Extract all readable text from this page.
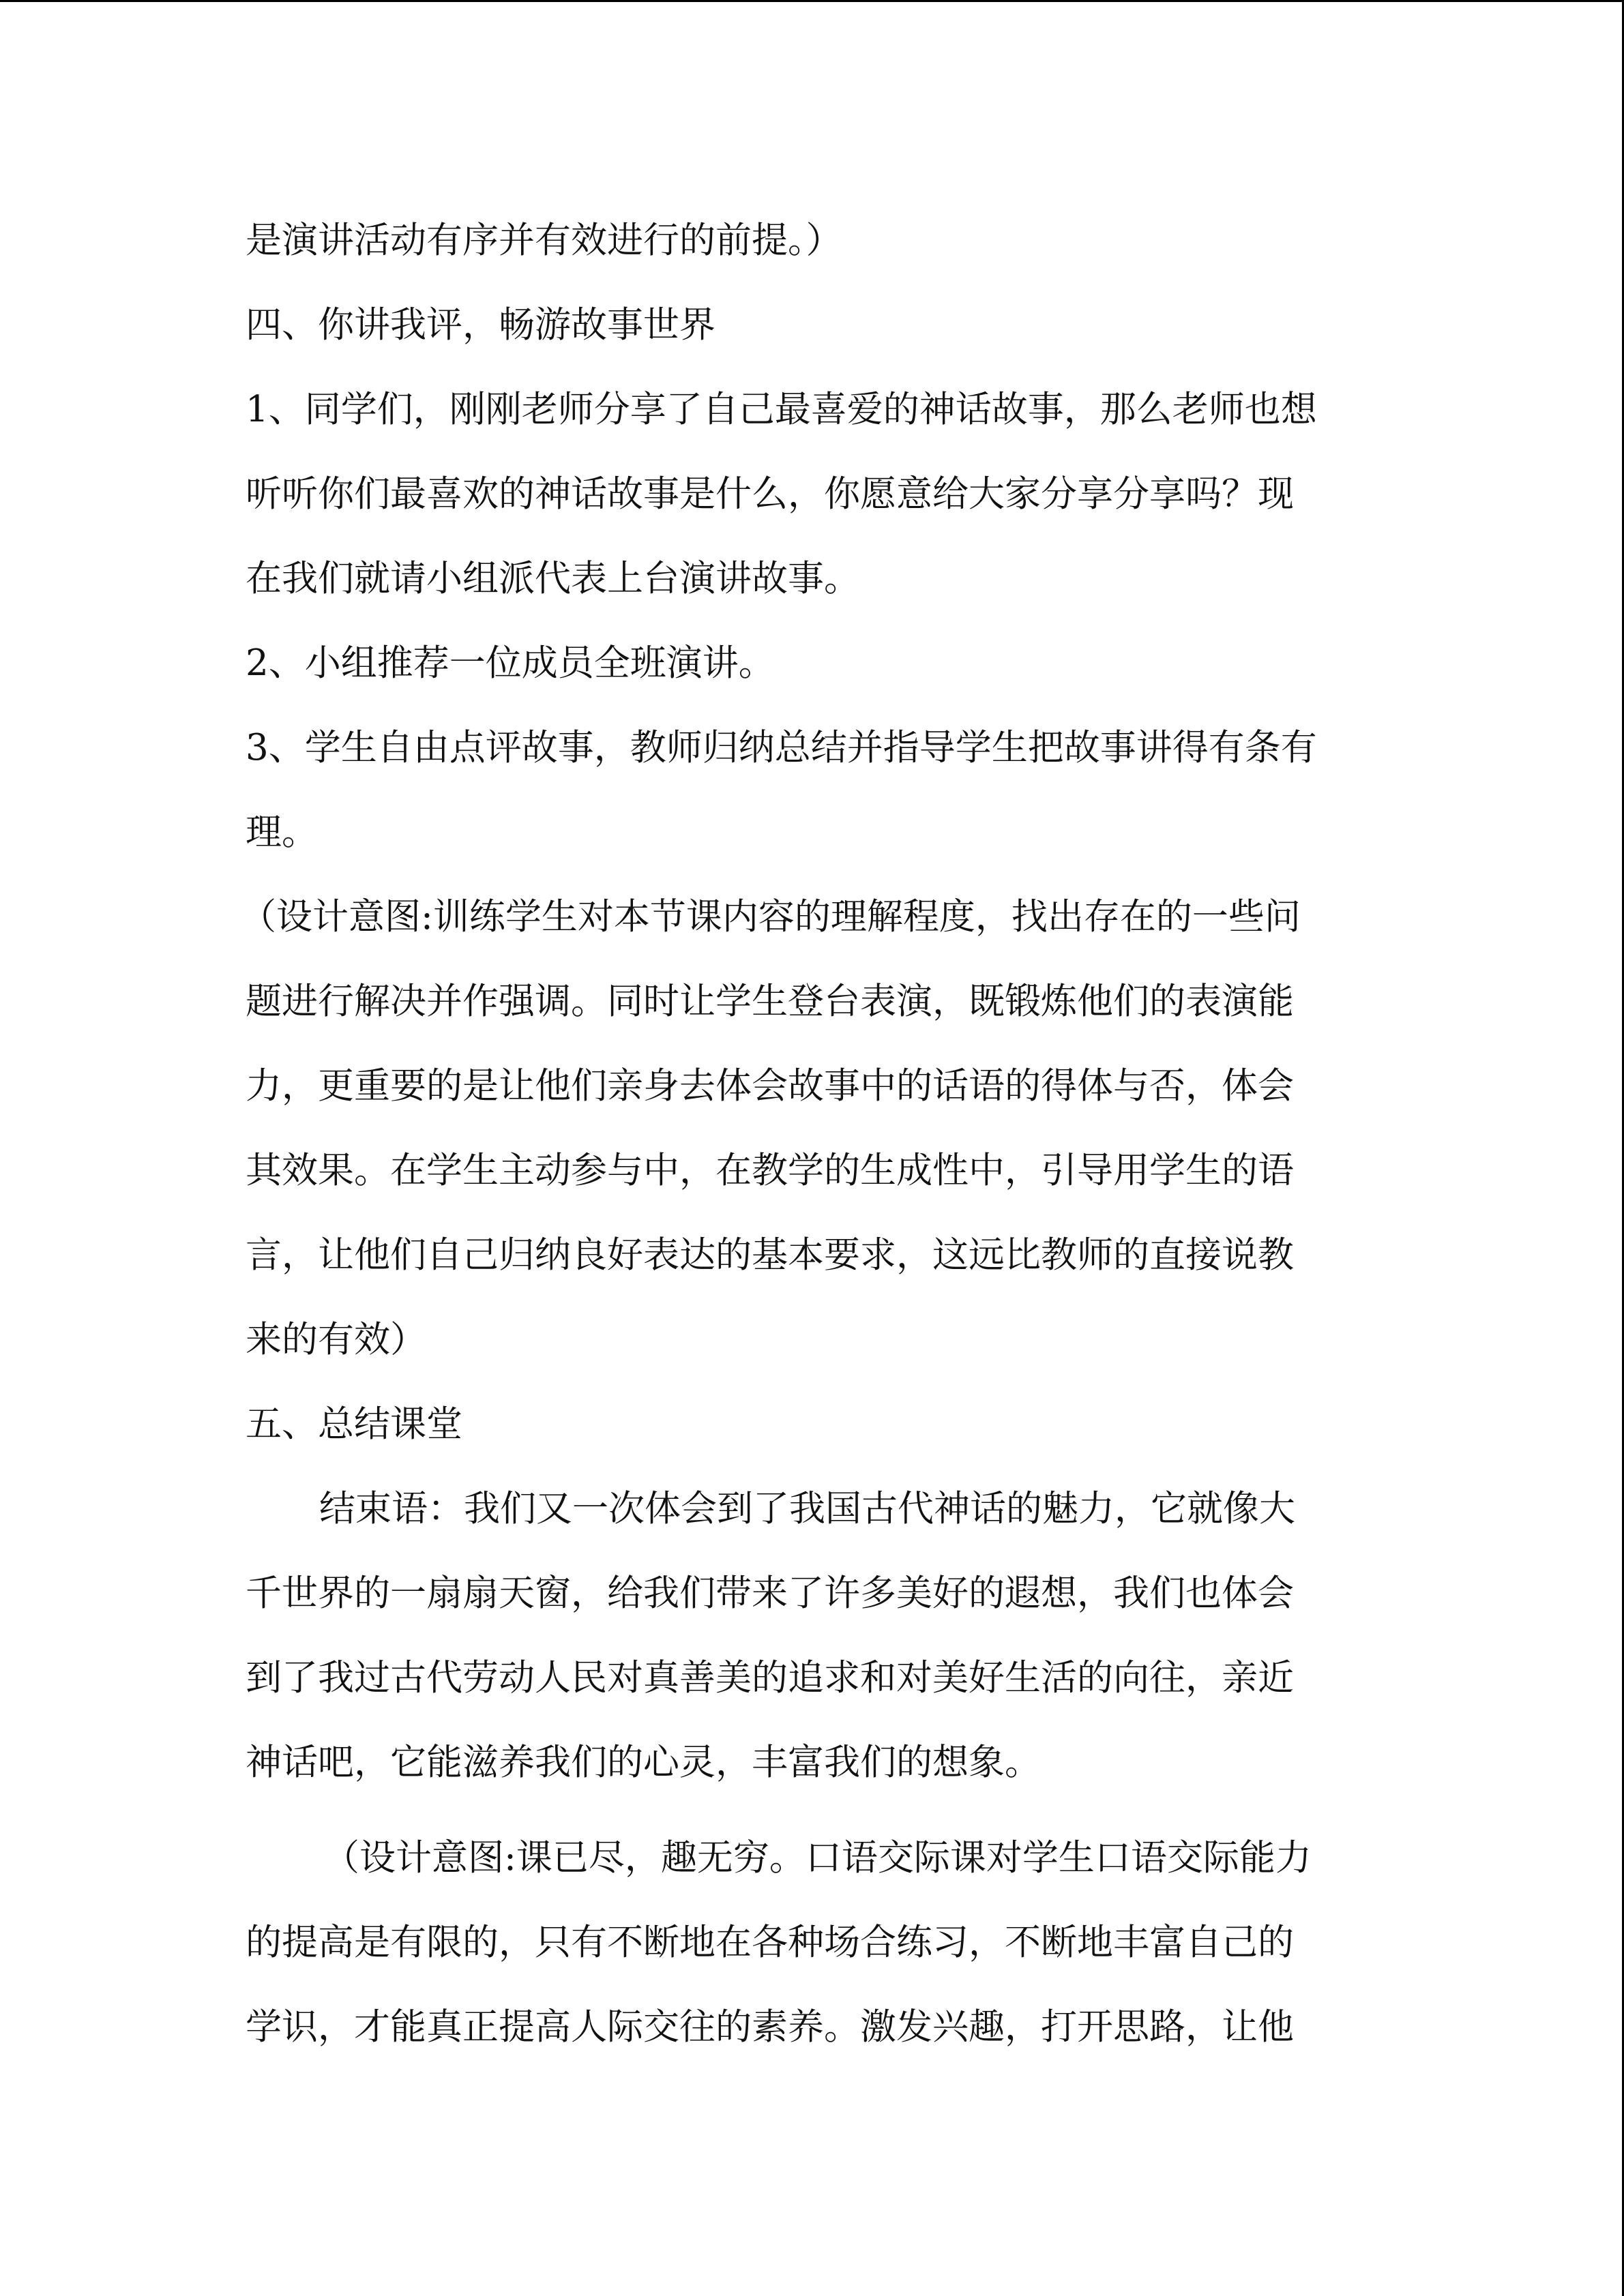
是演讲活动有序并有效进行的前提。）

四、你讲我评，畅游故事世界

1、同学们，刚刚老师分享了自己最喜爱的神话故事，那么老师也想

听听你们最喜欢的神话故事是什么，你愿意给大家分享分享吗？现

在我们就请小组派代表上台演讲故事。

2、小组推荐一位成员全班演讲。

3、学生自由点评故事，教师归纳总结并指导学生把故事讲得有条有

理。

（设计意图:训练学生对本节课内容的理解程度，找出存在的一些问

题进行解决并作强调。同时让学生登台表演，既锻炼他们的表演能

力，更重要的是让他们亲身去体会故事中的话语的得体与否，体会

其效果。在学生主动参与中，在教学的生成性中，引导用学生的语

言，让他们自己归纳良好表达的基本要求，这远比教师的直接说教

来的有效）

五、总结课堂

结束语：我们又一次体会到了我国古代神话的魅力，它就像大

千世界的一扇扇天窗，给我们带来了许多美好的遐想，我们也体会

到了我过古代劳动人民对真善美的追求和对美好生活的向往，亲近

神话吧，它能滋养我们的心灵，丰富我们的想象。

（设计意图:课已尽，趣无穷。口语交际课对学生口语交际能力

的提高是有限的，只有不断地在各种场合练习，不断地丰富自己的

学识，才能真正提高人际交往的素养。激发兴趣，打开思路，让他
